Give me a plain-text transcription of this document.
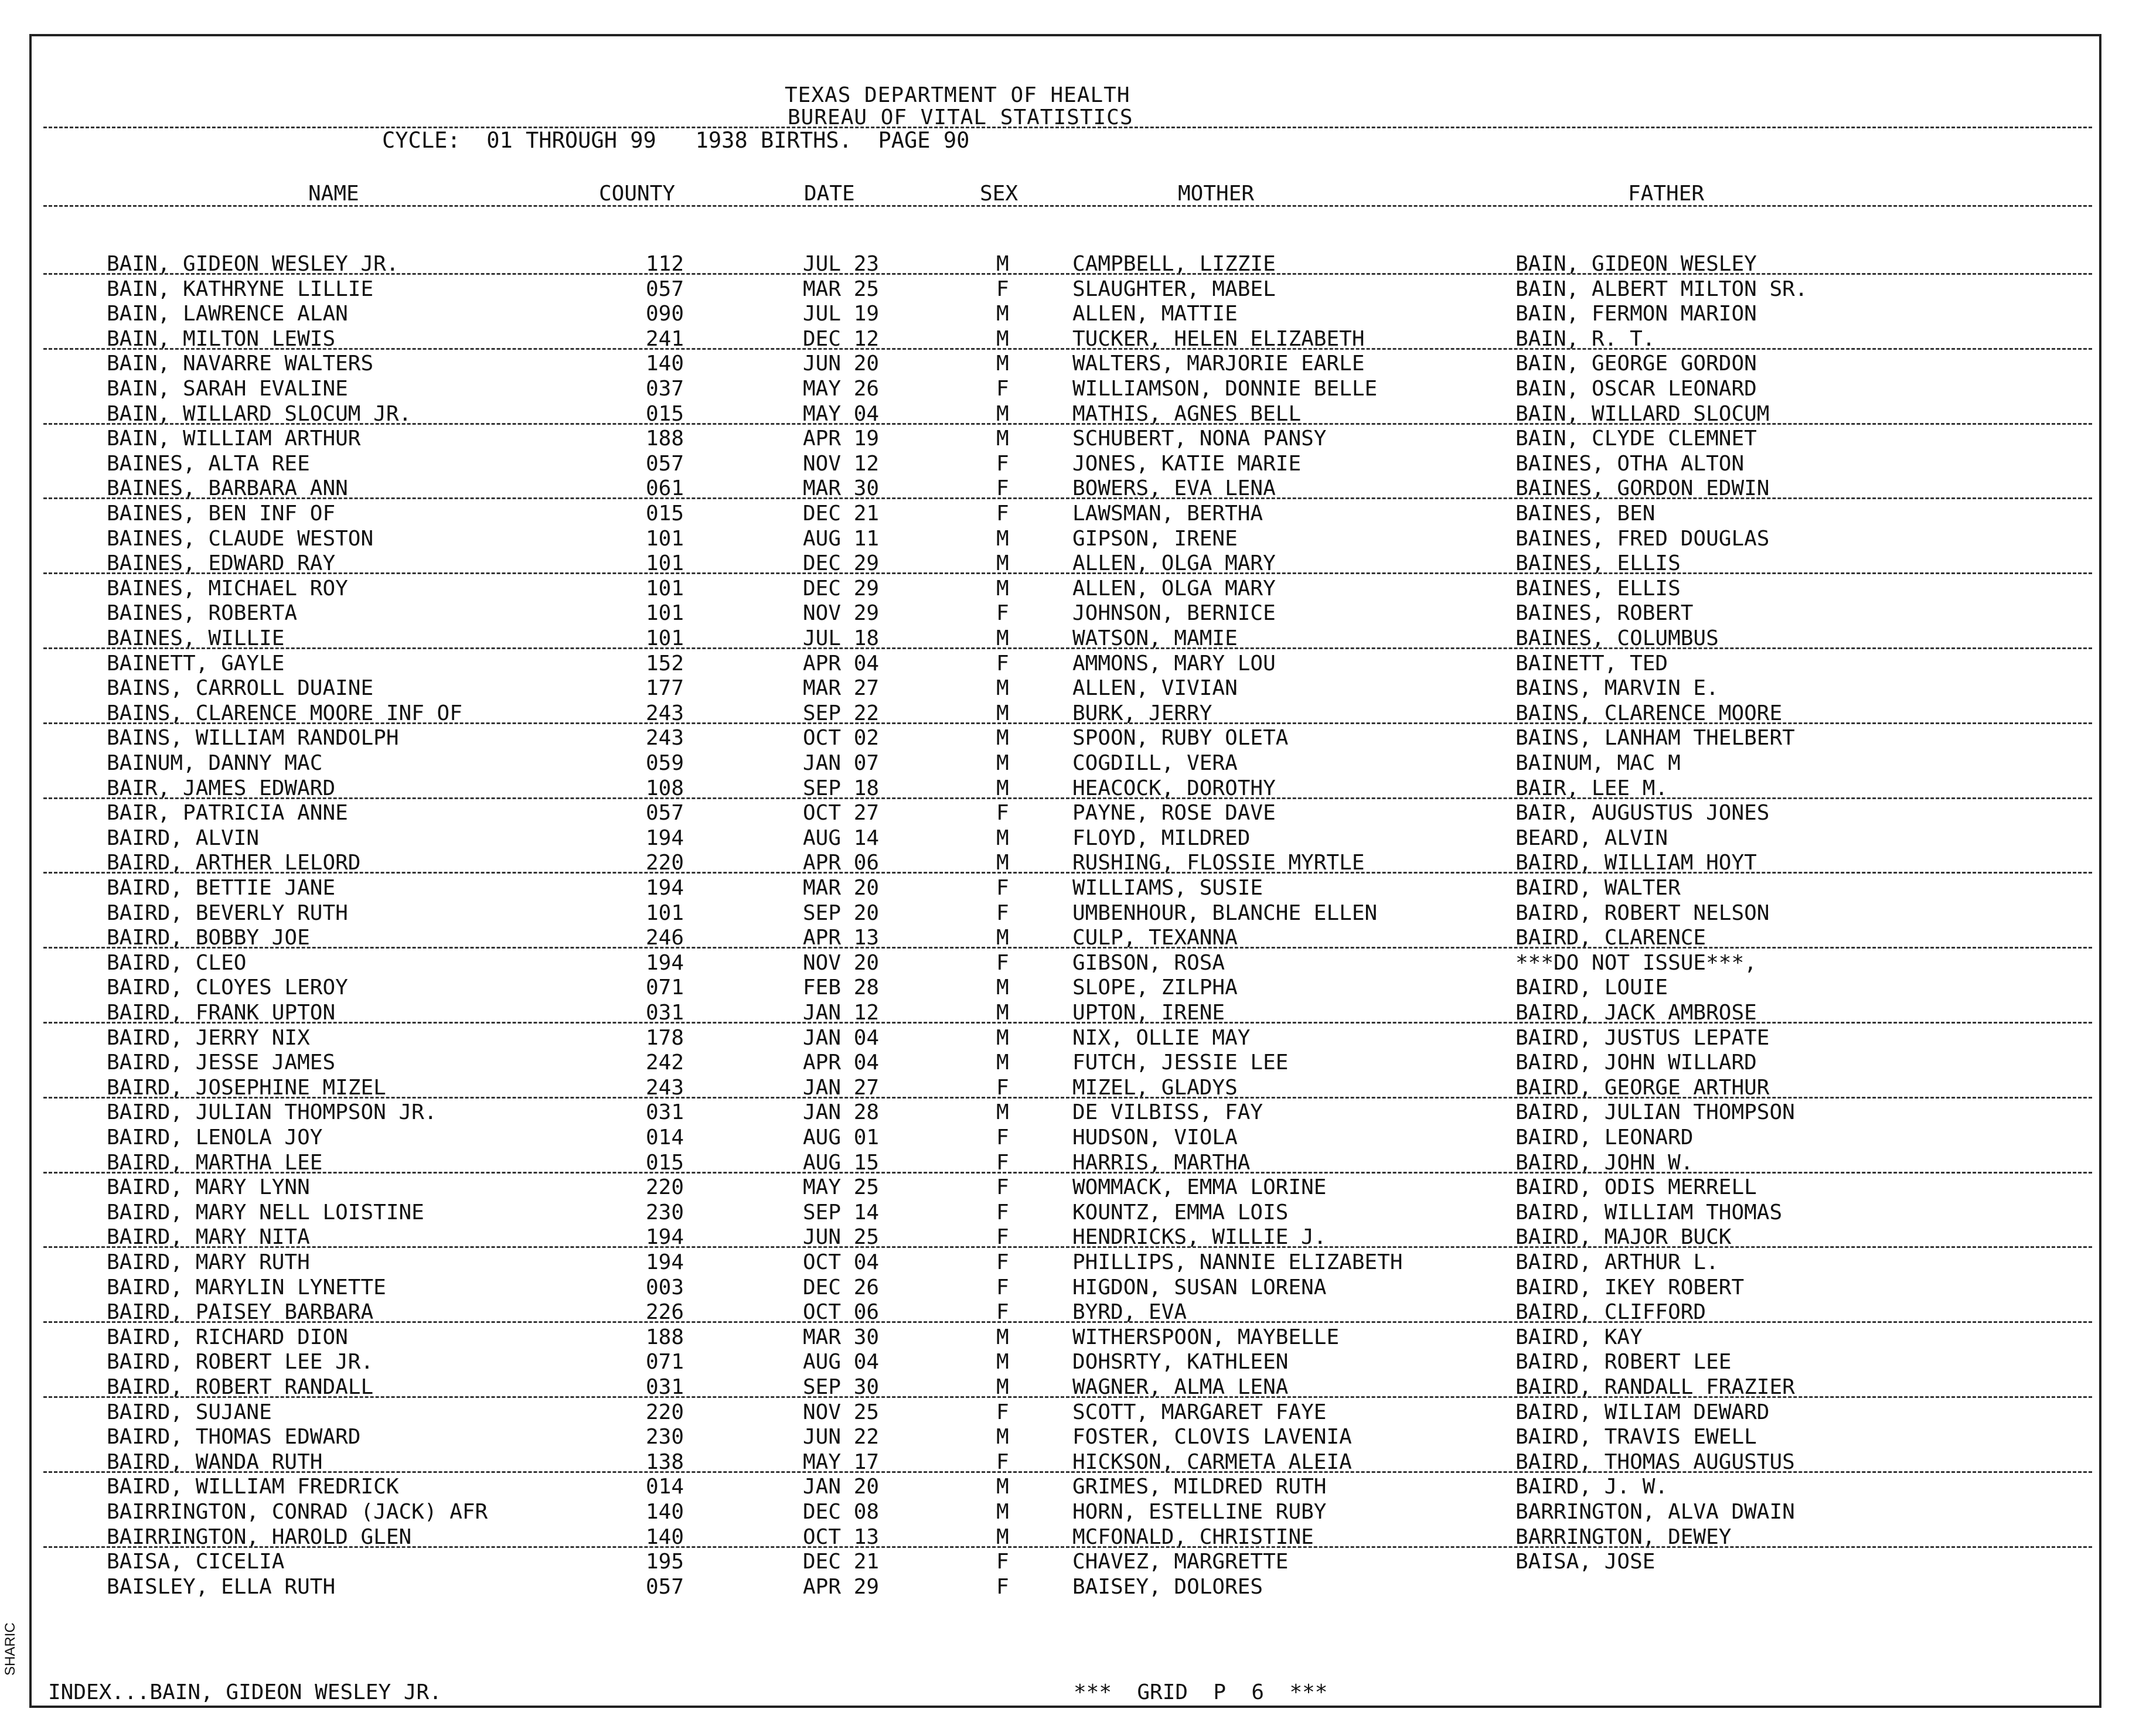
SHARIC
TEXAS DEPARTMENT OF HEALTH
BUREAU OF VITAL STATISTICS
CYCLE:  01 THROUGH 99   1938 BIRTHS.  PAGE 90
NAME	COUNTY	DATE	SEX	MOTHER	FATHER
BAIN, GIDEON WESLEY JR.	112	JUL 23	M	CAMPBELL, LIZZIE	BAIN, GIDEON WESLEY
BAIN, KATHRYNE LILLIE	057	MAR 25	F	SLAUGHTER, MABEL	BAIN, ALBERT MILTON SR.
BAIN, LAWRENCE ALAN	090	JUL 19	M	ALLEN, MATTIE	BAIN, FERMON MARION
BAIN, MILTON LEWIS	241	DEC 12	M	TUCKER, HELEN ELIZABETH	BAIN, R. T.
BAIN, NAVARRE WALTERS	140	JUN 20	M	WALTERS, MARJORIE EARLE	BAIN, GEORGE GORDON
BAIN, SARAH EVALINE	037	MAY 26	F	WILLIAMSON, DONNIE BELLE	BAIN, OSCAR LEONARD
BAIN, WILLARD SLOCUM JR.	015	MAY 04	M	MATHIS, AGNES BELL	BAIN, WILLARD SLOCUM
BAIN, WILLIAM ARTHUR	188	APR 19	M	SCHUBERT, NONA PANSY	BAIN, CLYDE CLEMNET
BAINES, ALTA REE	057	NOV 12	F	JONES, KATIE MARIE	BAINES, OTHA ALTON
BAINES, BARBARA ANN	061	MAR 30	F	BOWERS, EVA LENA	BAINES, GORDON EDWIN
BAINES, BEN INF OF	015	DEC 21	F	LAWSMAN, BERTHA	BAINES, BEN
BAINES, CLAUDE WESTON	101	AUG 11	M	GIPSON, IRENE	BAINES, FRED DOUGLAS
BAINES, EDWARD RAY	101	DEC 29	M	ALLEN, OLGA MARY	BAINES, ELLIS
BAINES, MICHAEL ROY	101	DEC 29	M	ALLEN, OLGA MARY	BAINES, ELLIS
BAINES, ROBERTA	101	NOV 29	F	JOHNSON, BERNICE	BAINES, ROBERT
BAINES, WILLIE	101	JUL 18	M	WATSON, MAMIE	BAINES, COLUMBUS
BAINETT, GAYLE	152	APR 04	F	AMMONS, MARY LOU	BAINETT, TED
BAINS, CARROLL DUAINE	177	MAR 27	M	ALLEN, VIVIAN	BAINS, MARVIN E.
BAINS, CLARENCE MOORE INF OF	243	SEP 22	M	BURK, JERRY	BAINS, CLARENCE MOORE
BAINS, WILLIAM RANDOLPH	243	OCT 02	M	SPOON, RUBY OLETA	BAINS, LANHAM THELBERT
BAINUM, DANNY MAC	059	JAN 07	M	COGDILL, VERA	BAINUM, MAC M
BAIR, JAMES EDWARD	108	SEP 18	M	HEACOCK, DOROTHY	BAIR, LEE M.
BAIR, PATRICIA ANNE	057	OCT 27	F	PAYNE, ROSE DAVE	BAIR, AUGUSTUS JONES
BAIRD, ALVIN	194	AUG 14	M	FLOYD, MILDRED	BEARD, ALVIN
BAIRD, ARTHER LELORD	220	APR 06	M	RUSHING, FLOSSIE MYRTLE	BAIRD, WILLIAM HOYT
BAIRD, BETTIE JANE	194	MAR 20	F	WILLIAMS, SUSIE	BAIRD, WALTER
BAIRD, BEVERLY RUTH	101	SEP 20	F	UMBENHOUR, BLANCHE ELLEN	BAIRD, ROBERT NELSON
BAIRD, BOBBY JOE	246	APR 13	M	CULP, TEXANNA	BAIRD, CLARENCE
BAIRD, CLEO	194	NOV 20	F	GIBSON, ROSA	***DO NOT ISSUE***,
BAIRD, CLOYES LEROY	071	FEB 28	M	SLOPE, ZILPHA	BAIRD, LOUIE
BAIRD, FRANK UPTON	031	JAN 12	M	UPTON, IRENE	BAIRD, JACK AMBROSE
BAIRD, JERRY NIX	178	JAN 04	M	NIX, OLLIE MAY	BAIRD, JUSTUS LEPATE
BAIRD, JESSE JAMES	242	APR 04	M	FUTCH, JESSIE LEE	BAIRD, JOHN WILLARD
BAIRD, JOSEPHINE MIZEL	243	JAN 27	F	MIZEL, GLADYS	BAIRD, GEORGE ARTHUR
BAIRD, JULIAN THOMPSON JR.	031	JAN 28	M	DE VILBISS, FAY	BAIRD, JULIAN THOMPSON
BAIRD, LENOLA JOY	014	AUG 01	F	HUDSON, VIOLA	BAIRD, LEONARD
BAIRD, MARTHA LEE	015	AUG 15	F	HARRIS, MARTHA	BAIRD, JOHN W.
BAIRD, MARY LYNN	220	MAY 25	F	WOMMACK, EMMA LORINE	BAIRD, ODIS MERRELL
BAIRD, MARY NELL LOISTINE	230	SEP 14	F	KOUNTZ, EMMA LOIS	BAIRD, WILLIAM THOMAS
BAIRD, MARY NITA	194	JUN 25	F	HENDRICKS, WILLIE J.	BAIRD, MAJOR BUCK
BAIRD, MARY RUTH	194	OCT 04	F	PHILLIPS, NANNIE ELIZABETH	BAIRD, ARTHUR L.
BAIRD, MARYLIN LYNETTE	003	DEC 26	F	HIGDON, SUSAN LORENA	BAIRD, IKEY ROBERT
BAIRD, PAISEY BARBARA	226	OCT 06	F	BYRD, EVA	BAIRD, CLIFFORD
BAIRD, RICHARD DION	188	MAR 30	M	WITHERSPOON, MAYBELLE	BAIRD, KAY
BAIRD, ROBERT LEE JR.	071	AUG 04	M	DOHSRTY, KATHLEEN	BAIRD, ROBERT LEE
BAIRD, ROBERT RANDALL	031	SEP 30	M	WAGNER, ALMA LENA	BAIRD, RANDALL FRAZIER
BAIRD, SUJANE	220	NOV 25	F	SCOTT, MARGARET FAYE	BAIRD, WILIAM DEWARD
BAIRD, THOMAS EDWARD	230	JUN 22	M	FOSTER, CLOVIS LAVENIA	BAIRD, TRAVIS EWELL
BAIRD, WANDA RUTH	138	MAY 17	F	HICKSON, CARMETA ALEIA	BAIRD, THOMAS AUGUSTUS
BAIRD, WILLIAM FREDRICK	014	JAN 20	M	GRIMES, MILDRED RUTH	BAIRD, J. W.
BAIRRINGTON, CONRAD (JACK) AFR	140	DEC 08	M	HORN, ESTELLINE RUBY	BARRINGTON, ALVA DWAIN
BAIRRINGTON, HAROLD GLEN	140	OCT 13	M	MCFONALD, CHRISTINE	BARRINGTON, DEWEY
BAISA, CICELIA	195	DEC 21	F	CHAVEZ, MARGRETTE	BAISA, JOSE
BAISLEY, ELLA RUTH	057	APR 29	F	BAISEY, DOLORES
INDEX...BAIN, GIDEON WESLEY JR.	***  GRID  P  6  ***
